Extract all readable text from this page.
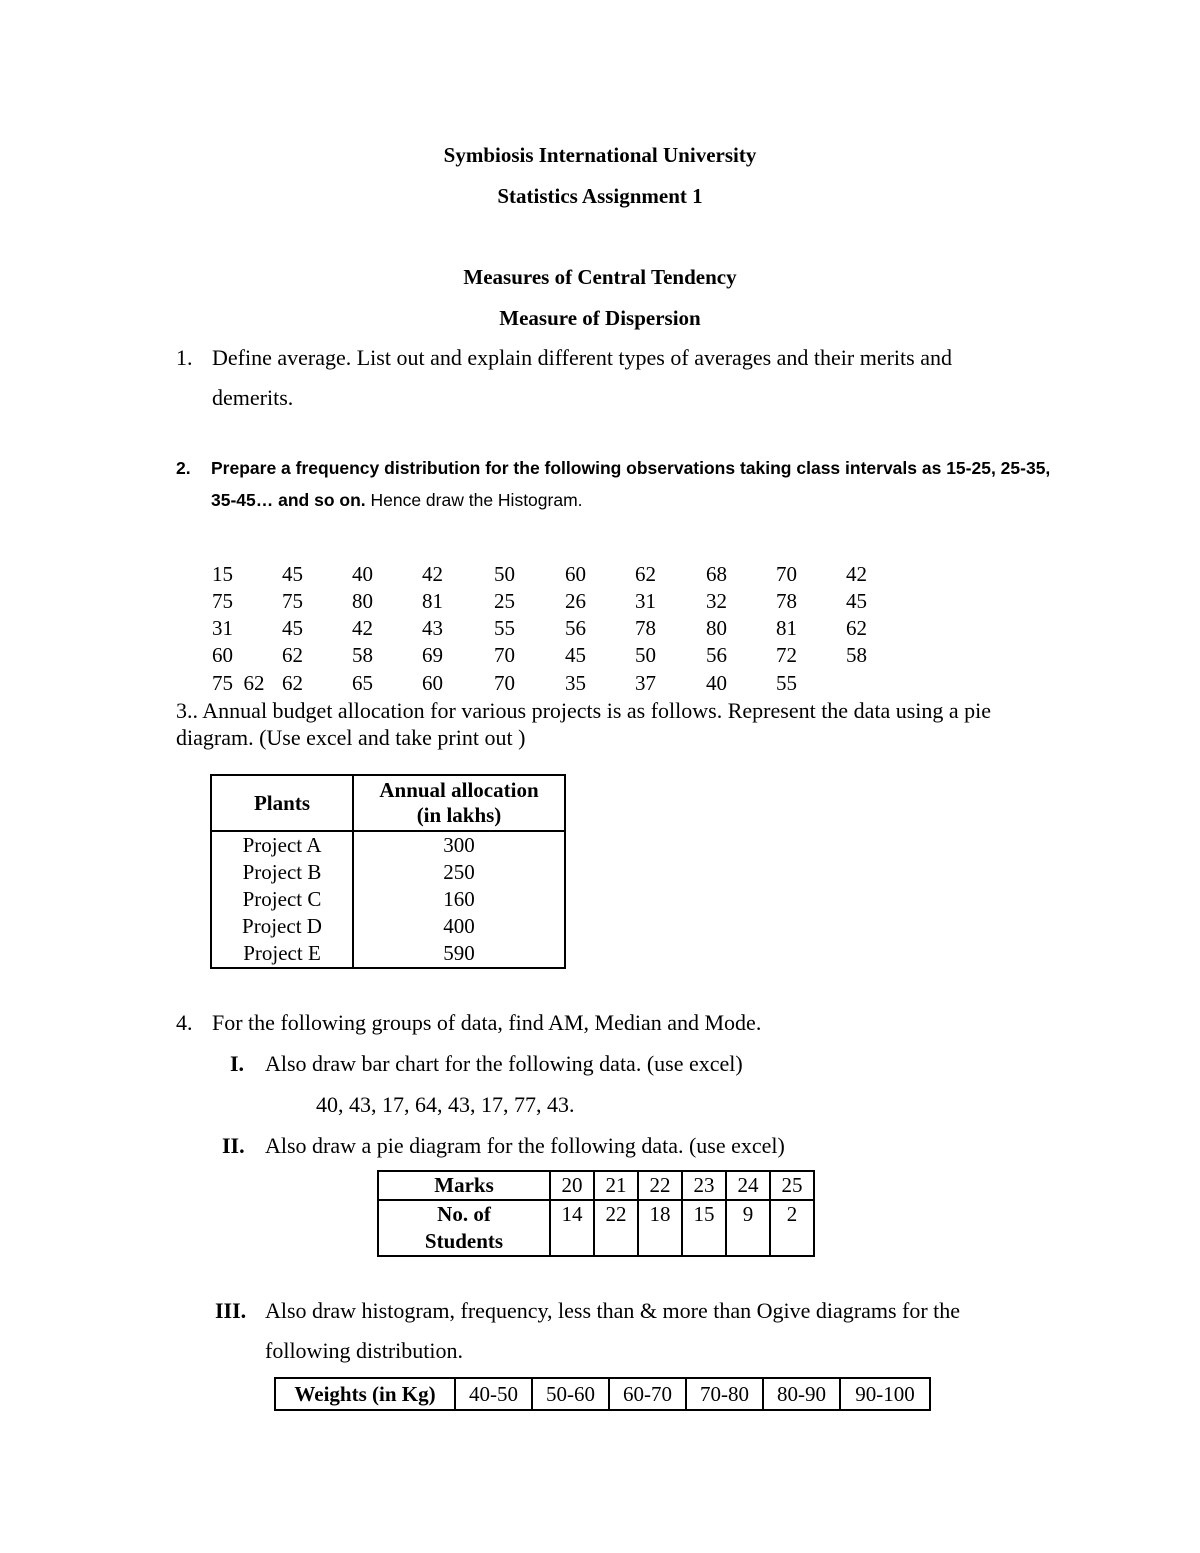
Symbiosis International University
Statistics Assignment 1
Measures of Central Tendency
Measure of Dispersion
1. Define average. List out and explain different types of averages and their merits and
demerits.
2. Prepare a frequency distribution for the following observations taking class intervals as 15-25, 25-35, 35-45… and so on. Hence draw the Histogram.
15 45 40 42 50 60 62 68 70 42
75 75 80 81 25 26 31 32 78 45
31 45 42 43 55 56 78 80 81 62
60 62 58 69 70 45 50 56 72 58
75  62 62 65 60 70 35 37 40 55
3.. Annual budget allocation for various projects is as follows. Represent the data using a pie
diagram. (Use excel and take print out )
Plants	Annual allocation
(in lakhs)
Project A	300
Project B	250
Project C	160
Project D	400
Project E	590
4. For the following groups of data, find AM, Median and Mode.
I. Also draw bar chart for the following data. (use excel)
40, 43, 17, 64, 43, 17, 77, 43.
II. Also draw a pie diagram for the following data. (use excel)
Marks	20	21	22	23	24	25
No. of
Students	14	22	18	15	9	2
III. Also draw histogram, frequency, less than & more than Ogive diagrams for the
following distribution.
Weights (in Kg)	40-50	50-60	60-70	70-80	80-90	90-100
